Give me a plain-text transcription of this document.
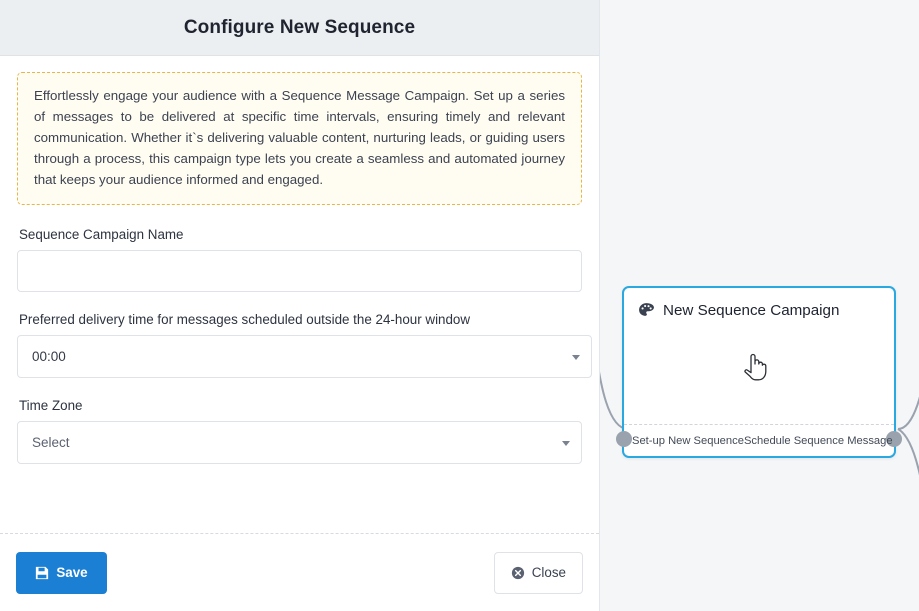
Configure New Sequence

Effortlessly engage your audience with a Sequence Message Campaign. Set up a series of messages to be delivered at specific time intervals, ensuring timely and relevant communication. Whether it`s delivering valuable content, nurturing leads, or guiding users through a process, this campaign type lets you create a seamless and automated journey that keeps your audience informed and engaged.

Sequence Campaign Name
Preferred delivery time for messages scheduled outside the 24-hour window
00:00
Time Zone
Select
Save	Close
New Sequence Campaign
Set-up New Sequence Schedule Sequence Message
